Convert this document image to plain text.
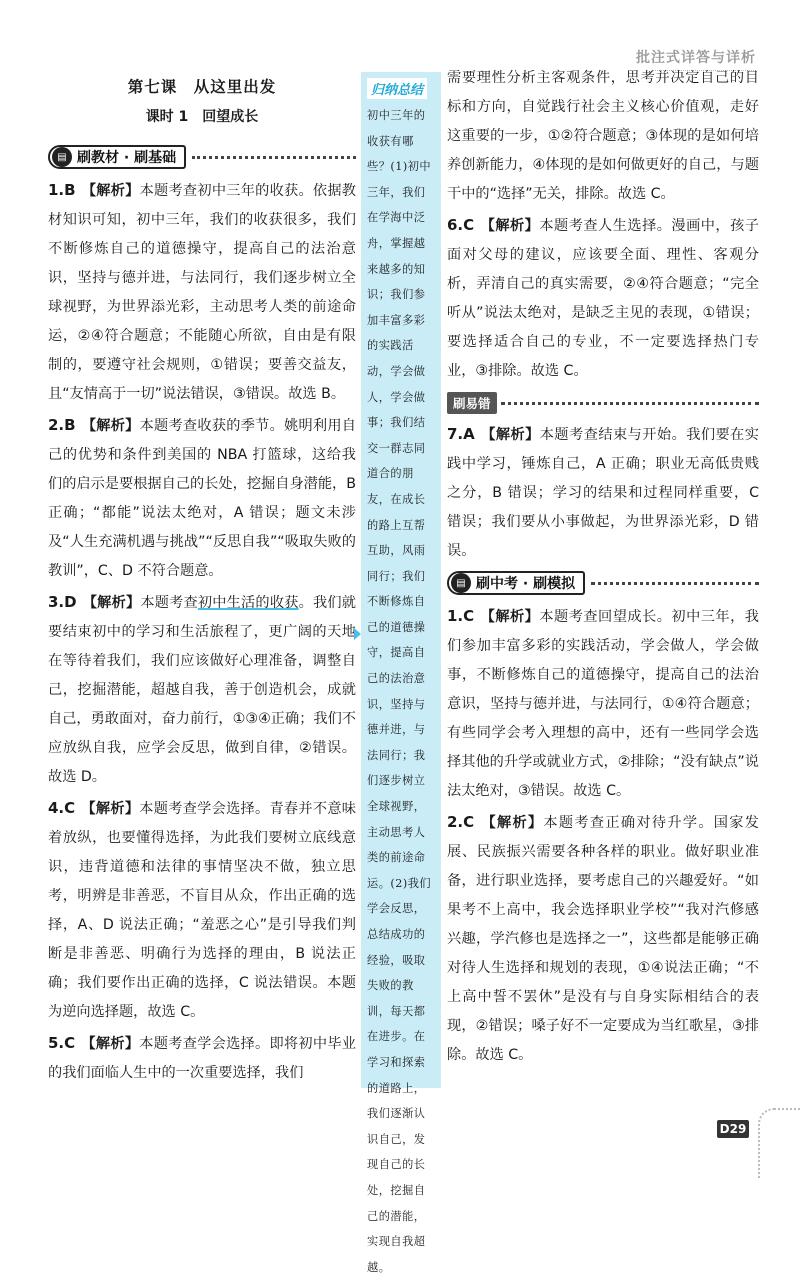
批注式详答与详析
第七课　从这里出发
课时 1　回望成长
▤ 刷教材 · 刷基础

1.B 【解析】本题考查初中三年的收获。依据教材知识可知，初中三年，我们的收获很多，我们不断修炼自己的道德操守，提高自己的法治意识，坚持与德并进，与法同行，我们逐步树立全球视野，为世界添光彩，主动思考人类的前途命运，②④符合题意；不能随心所欲，自由是有限制的，要遵守社会规则，①错误；要善交益友，且“友情高于一切”说法错误，③错误。故选 B。

2.B 【解析】本题考查收获的季节。姚明利用自己的优势和条件到美国的 NBA 打篮球，这给我们的启示是要根据自己的长处，挖掘自身潜能，B 正确；“都能”说法太绝对，A 错误；题文未涉及“人生充满机遇与挑战”“反思自我”“吸取失败的教训”，C、D 不符合题意。

3.D 【解析】本题考查初中生活的收获。我们就要结束初中的学习和生活旅程了，更广阔的天地在等待着我们，我们应该做好心理准备，调整自己，挖掘潜能，超越自我，善于创造机会，成就自己，勇敢面对，奋力前行，①③④正确；我们不应放纵自我，应学会反思，做到自律，②错误。故选 D。

4.C 【解析】本题考查学会选择。青春并不意味着放纵，也要懂得选择，为此我们要树立底线意识，违背道德和法律的事情坚决不做，独立思考，明辨是非善恶，不盲目从众，作出正确的选择，A、D 说法正确；“羞恶之心”是引导我们判断是非善恶、明确行为选择的理由，B 说法正确；我们要作出正确的选择，C 说法错误。本题为逆向选择题，故选 C。

5.C 【解析】本题考查学会选择。即将初中毕业的我们面临人生中的一次重要选择，我们

归纳总结
初中三年的收获有哪些？(1)初中三年，我们在学海中泛舟，掌握越来越多的知识；我们参加丰富多彩的实践活动，学会做人，学会做事；我们结交一群志同道合的朋友，在成长的路上互帮互助，风雨同行；我们不断修炼自己的道德操守，提高自己的法治意识，坚持与德并进，与法同行；我们逐步树立全球视野，主动思考人类的前途命运。(2)我们学会反思，总结成功的经验，吸取失败的教训，每天都在进步。在学习和探索的道路上，我们逐渐认识自己，发现自己的长处，挖掘自己的潜能，实现自我超越。

需要理性分析主客观条件，思考并决定自己的目标和方向，自觉践行社会主义核心价值观，走好这重要的一步，①②符合题意；③体现的是如何培养创新能力，④体现的是如何做更好的自己，与题干中的“选择”无关，排除。故选 C。

6.C 【解析】本题考查人生选择。漫画中，孩子面对父母的建议，应该要全面、理性、客观分析，弄清自己的真实需要，②④符合题意；“完全听从”说法太绝对，是缺乏主见的表现，①错误；要选择适合自己的专业，不一定要选择热门专业，③排除。故选 C。

刷易错

7.A 【解析】本题考查结束与开始。我们要在实践中学习，锤炼自己，A 正确；职业无高低贵贱之分，B 错误；学习的结果和过程同样重要，C 错误；我们要从小事做起，为世界添光彩，D 错误。

▤ 刷中考 · 刷模拟

1.C 【解析】本题考查回望成长。初中三年，我们参加丰富多彩的实践活动，学会做人，学会做事，不断修炼自己的道德操守，提高自己的法治意识，坚持与德并进，与法同行，①④符合题意；有些同学会考入理想的高中，还有一些同学会选择其他的升学或就业方式，②排除；“没有缺点”说法太绝对，③错误。故选 C。

2.C 【解析】本题考查正确对待升学。国家发展、民族振兴需要各种各样的职业。做好职业准备，进行职业选择，要考虑自己的兴趣爱好。“如果考不上高中，我会选择职业学校”“我对汽修感兴趣，学汽修也是选择之一”，这些都是能够正确对待人生选择和规划的表现，①④说法正确；“不上高中誓不罢休”是没有与自身实际相结合的表现，②错误；嗓子好不一定要成为当红歌星，③排除。故选 C。

D29
